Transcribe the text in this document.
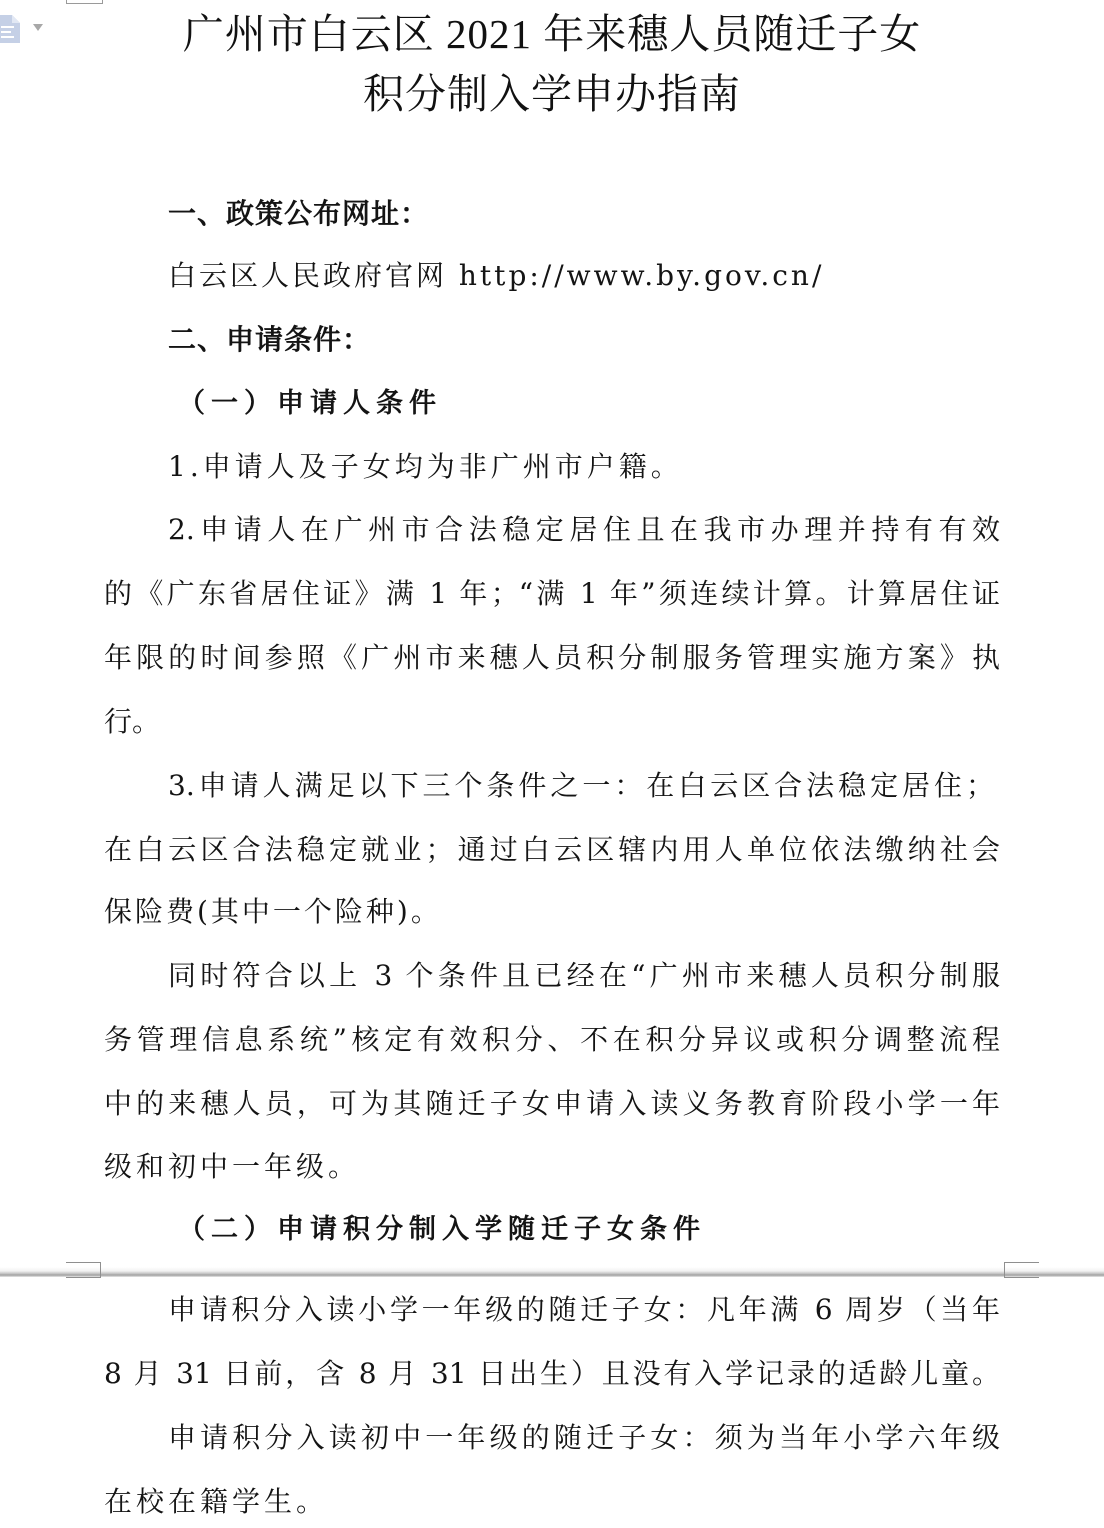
广州市白云区 2021 年来穗人员随迁子女
积分制入学申办指南
一、政策公布网址：
白云区人民政府官网 http://www.by.gov.cn/
二、申请条件：
（一）申请人条件
1.申请人及子女均为非广州市户籍。
2.申请人在广州市合法稳定居住且在我市办理并持有有效
的《广东省居住证》满 1 年；“满 1 年”须连续计算。计算居住证
年限的时间参照《广州市来穗人员积分制服务管理实施方案》执
行。
3.申请人满足以下三个条件之一：在白云区合法稳定居住；
在白云区合法稳定就业；通过白云区辖内用人单位依法缴纳社会
保险费(其中一个险种)。
同时符合以上 3 个条件且已经在“广州市来穗人员积分制服
务管理信息系统”核定有效积分、不在积分异议或积分调整流程
中的来穗人员，可为其随迁子女申请入读义务教育阶段小学一年
级和初中一年级。
（二）申请积分制入学随迁子女条件
申请积分入读小学一年级的随迁子女：凡年满 6 周岁（当年
8 月 31 日前，含 8 月 31 日出生）且没有入学记录的适龄儿童。
申请积分入读初中一年级的随迁子女：须为当年小学六年级
在校在籍学生。
